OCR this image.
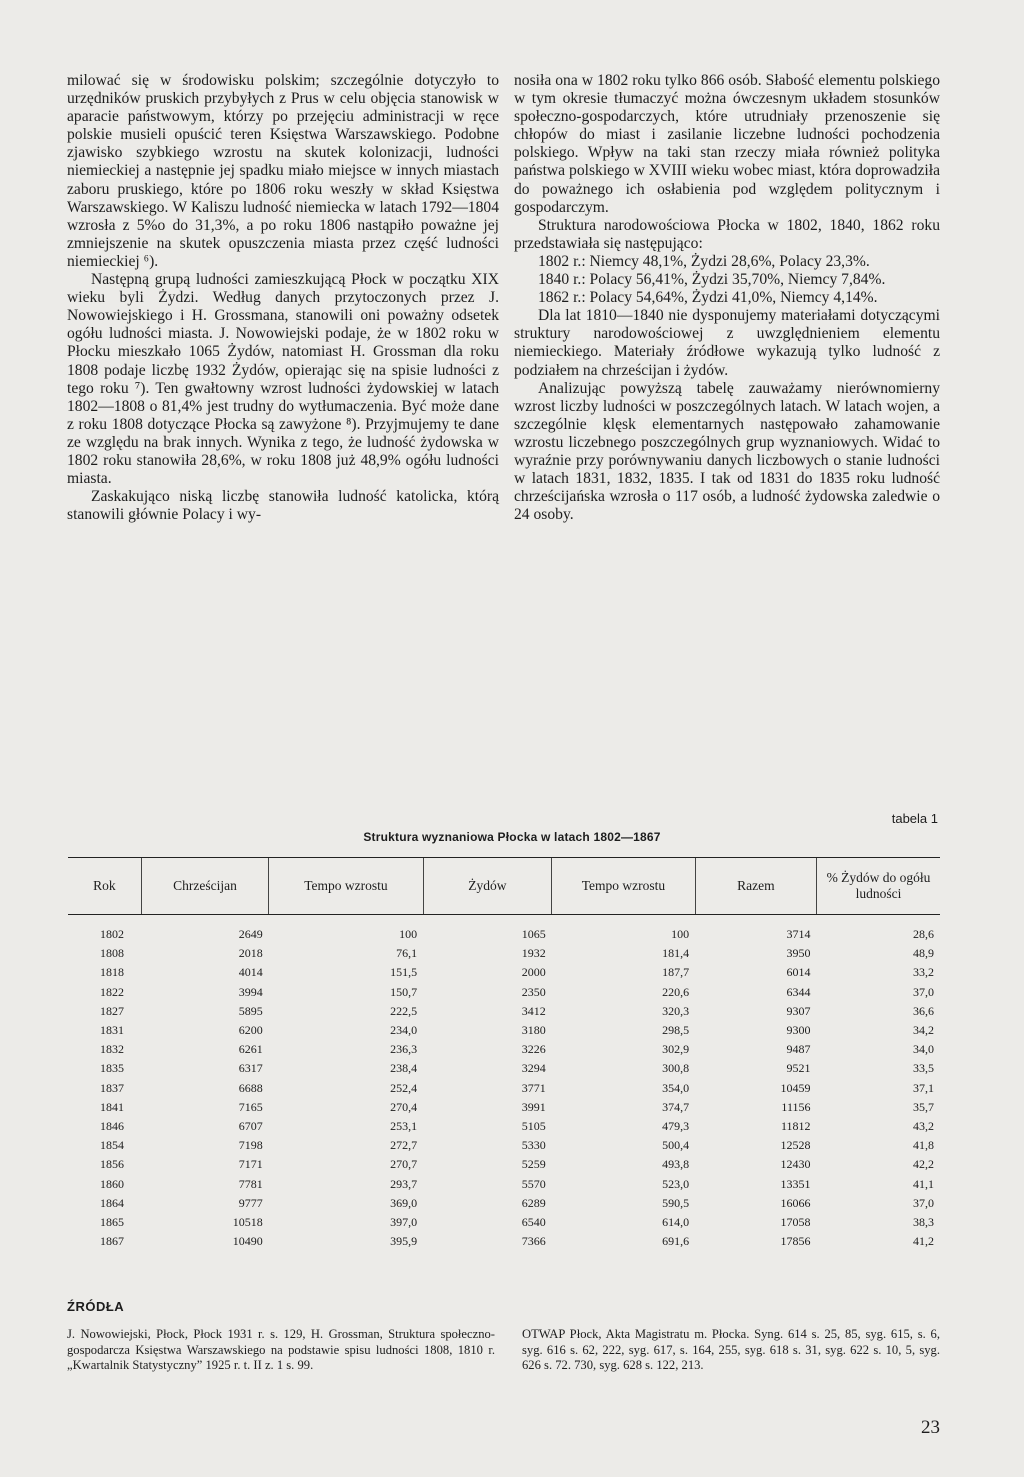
milować się w środowisku polskim; szczególnie dotyczyło to urzędników pruskich przybyłych z Prus w celu objęcia stanowisk w aparacie państwowym, którzy po przejęciu administracji w ręce polskie musieli opuścić teren Księstwa Warszawskiego. Podobne zjawisko szybkiego wzrostu na skutek kolonizacji, ludności niemieckiej a następnie jej spadku miało miejsce w innych miastach zaboru pruskiego, które po 1806 roku weszły w skład Księstwa Warszawskiego. W Kaliszu ludność niemiecka w latach 1792—1804 wzrosła z 5%o do 31,3%, a po roku 1806 nastąpiło poważne jej zmniejszenie na skutek opuszczenia miasta przez część ludności niemieckiej ⁶).

Następną grupą ludności zamieszkującą Płock w początku XIX wieku byli Żydzi. Według danych przytoczonych przez J. Nowowiejskiego i H. Grossmana, stanowili oni poważny odsetek ogółu ludności miasta. J. Nowowiejski podaje, że w 1802 roku w Płocku mieszkało 1065 Żydów, natomiast H. Grossman dla roku 1808 podaje liczbę 1932 Żydów, opierając się na spisie ludności z tego roku ⁷). Ten gwałtowny wzrost ludności żydowskiej w latach 1802—1808 o 81,4% jest trudny do wytłumaczenia. Być może dane z roku 1808 dotyczące Płocka są zawyżone ⁸). Przyjmujemy te dane ze względu na brak innych. Wynika z tego, że ludność żydowska w 1802 roku stanowiła 28,6%, w roku 1808 już 48,9% ogółu ludności miasta.

Zaskakująco niską liczbę stanowiła ludność katolicka, którą stanowili głównie Polacy i wy-

nosiła ona w 1802 roku tylko 866 osób. Słabość elementu polskiego w tym okresie tłumaczyć można ówczesnym układem stosunków społeczno-gospodarczych, które utrudniały przenoszenie się chłopów do miast i zasilanie liczebne ludności pochodzenia polskiego. Wpływ na taki stan rzeczy miała również polityka państwa polskiego w XVIII wieku wobec miast, która doprowadziła do poważnego ich osłabienia pod względem politycznym i gospodarczym.

Struktura narodowościowa Płocka w 1802, 1840, 1862 roku przedstawiała się następująco:

1802 r.: Niemcy 48,1%, Żydzi 28,6%, Polacy 23,3%.

1840 r.: Polacy 56,41%, Żydzi 35,70%, Niemcy 7,84%.

1862 r.: Polacy 54,64%, Żydzi 41,0%, Niemcy 4,14%.

Dla lat 1810—1840 nie dysponujemy materiałami dotyczącymi struktury narodowościowej z uwzględnieniem elementu niemieckiego. Materiały źródłowe wykazują tylko ludność z podziałem na chrześcijan i żydów.

Analizując powyższą tabelę zauważamy nierównomierny wzrost liczby ludności w poszczególnych latach. W latach wojen, a szczególnie klęsk elementarnych następowało zahamowanie wzrostu liczebnego poszczególnych grup wyznaniowych. Widać to wyraźnie przy porównywaniu danych liczbowych o stanie ludności w latach 1831, 1832, 1835. I tak od 1831 do 1835 roku ludność chrześcijańska wzrosła o 117 osób, a ludność żydowska zaledwie o 24 osoby.

tabela 1
Struktura wyznaniowa Płocka w latach 1802—1867
Rok	Chrześcijan	Tempo wzrostu	Żydów	Tempo wzrostu	Razem	% Żydów do ogółu ludności
1802	2649	100	1065	100	3714	28,6
1808	2018	76,1	1932	181,4	3950	48,9
1818	4014	151,5	2000	187,7	6014	33,2
1822	3994	150,7	2350	220,6	6344	37,0
1827	5895	222,5	3412	320,3	9307	36,6
1831	6200	234,0	3180	298,5	9300	34,2
1832	6261	236,3	3226	302,9	9487	34,0
1835	6317	238,4	3294	300,8	9521	33,5
1837	6688	252,4	3771	354,0	10459	37,1
1841	7165	270,4	3991	374,7	11156	35,7
1846	6707	253,1	5105	479,3	11812	43,2
1854	7198	272,7	5330	500,4	12528	41,8
1856	7171	270,7	5259	493,8	12430	42,2
1860	7781	293,7	5570	523,0	13351	41,1
1864	9777	369,0	6289	590,5	16066	37,0
1865	10518	397,0	6540	614,0	17058	38,3
1867	10490	395,9	7366	691,6	17856	41,2
ŹRÓDŁA
J. Nowowiejski, Płock, Płock 1931 r. s. 129, H. Grossman, Struktura społeczno-gospodarcza Księstwa Warszawskiego na podstawie spisu ludności 1808, 1810 r. „Kwartalnik Statystyczny” 1925 r. t. II z. 1 s. 99.
OTWAP Płock, Akta Magistratu m. Płocka. Syng. 614 s. 25, 85, syg. 615, s. 6, syg. 616 s. 62, 222, syg. 617, s. 164, 255, syg. 618 s. 31, syg. 622 s. 10, 5, syg. 626 s. 72. 730, syg. 628 s. 122, 213.
23
